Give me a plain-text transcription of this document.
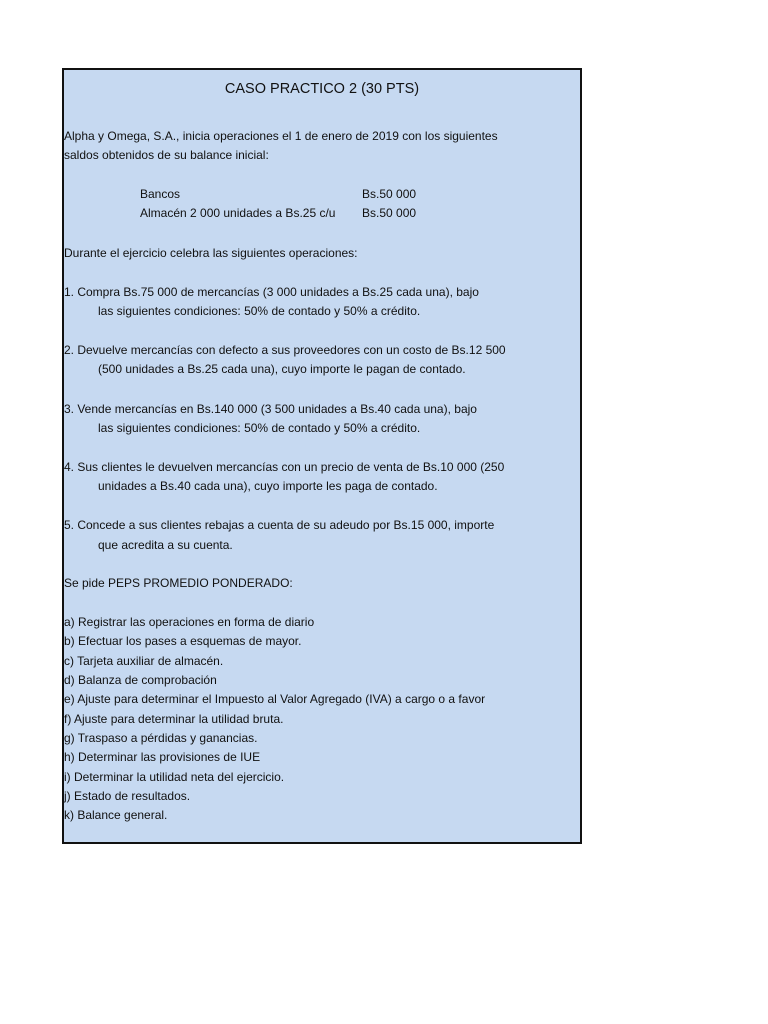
CASO PRACTICO 2 (30 PTS)
Alpha y Omega, S.A., inicia operaciones el 1 de enero de 2019 con los siguientes
saldos obtenidos de su balance inicial:
Bancos	Bs.50 000
Almacén 2 000 unidades a Bs.25 c/u Bs.50 000
Durante el ejercicio celebra las siguientes operaciones:
1. Compra Bs.75 000 de mercancías (3 000 unidades a Bs.25 cada una), bajo
las siguientes condiciones: 50% de contado y 50% a crédito.
2. Devuelve mercancías con defecto a sus proveedores con un costo de Bs.12 500
(500 unidades a Bs.25 cada una), cuyo importe le pagan de contado.
3. Vende mercancías en Bs.140 000 (3 500 unidades a Bs.40 cada una), bajo
las siguientes condiciones: 50% de contado y 50% a crédito.
4. Sus clientes le devuelven mercancías con un precio de venta de Bs.10 000 (250
unidades a Bs.40 cada una), cuyo importe les paga de contado.
5. Concede a sus clientes rebajas a cuenta de su adeudo por Bs.15 000, importe
que acredita a su cuenta.
Se pide PEPS PROMEDIO PONDERADO:
a) Registrar las operaciones en forma de diario
b) Efectuar los pases a esquemas de mayor.
c) Tarjeta auxiliar de almacén.
d) Balanza de comprobación
e) Ajuste para determinar el Impuesto al Valor Agregado (IVA) a cargo o a favor
f) Ajuste para determinar la utilidad bruta.
g) Traspaso a pérdidas y ganancias.
h) Determinar las provisiones de IUE
i) Determinar la utilidad neta del ejercicio.
j) Estado de resultados.
k) Balance general.
